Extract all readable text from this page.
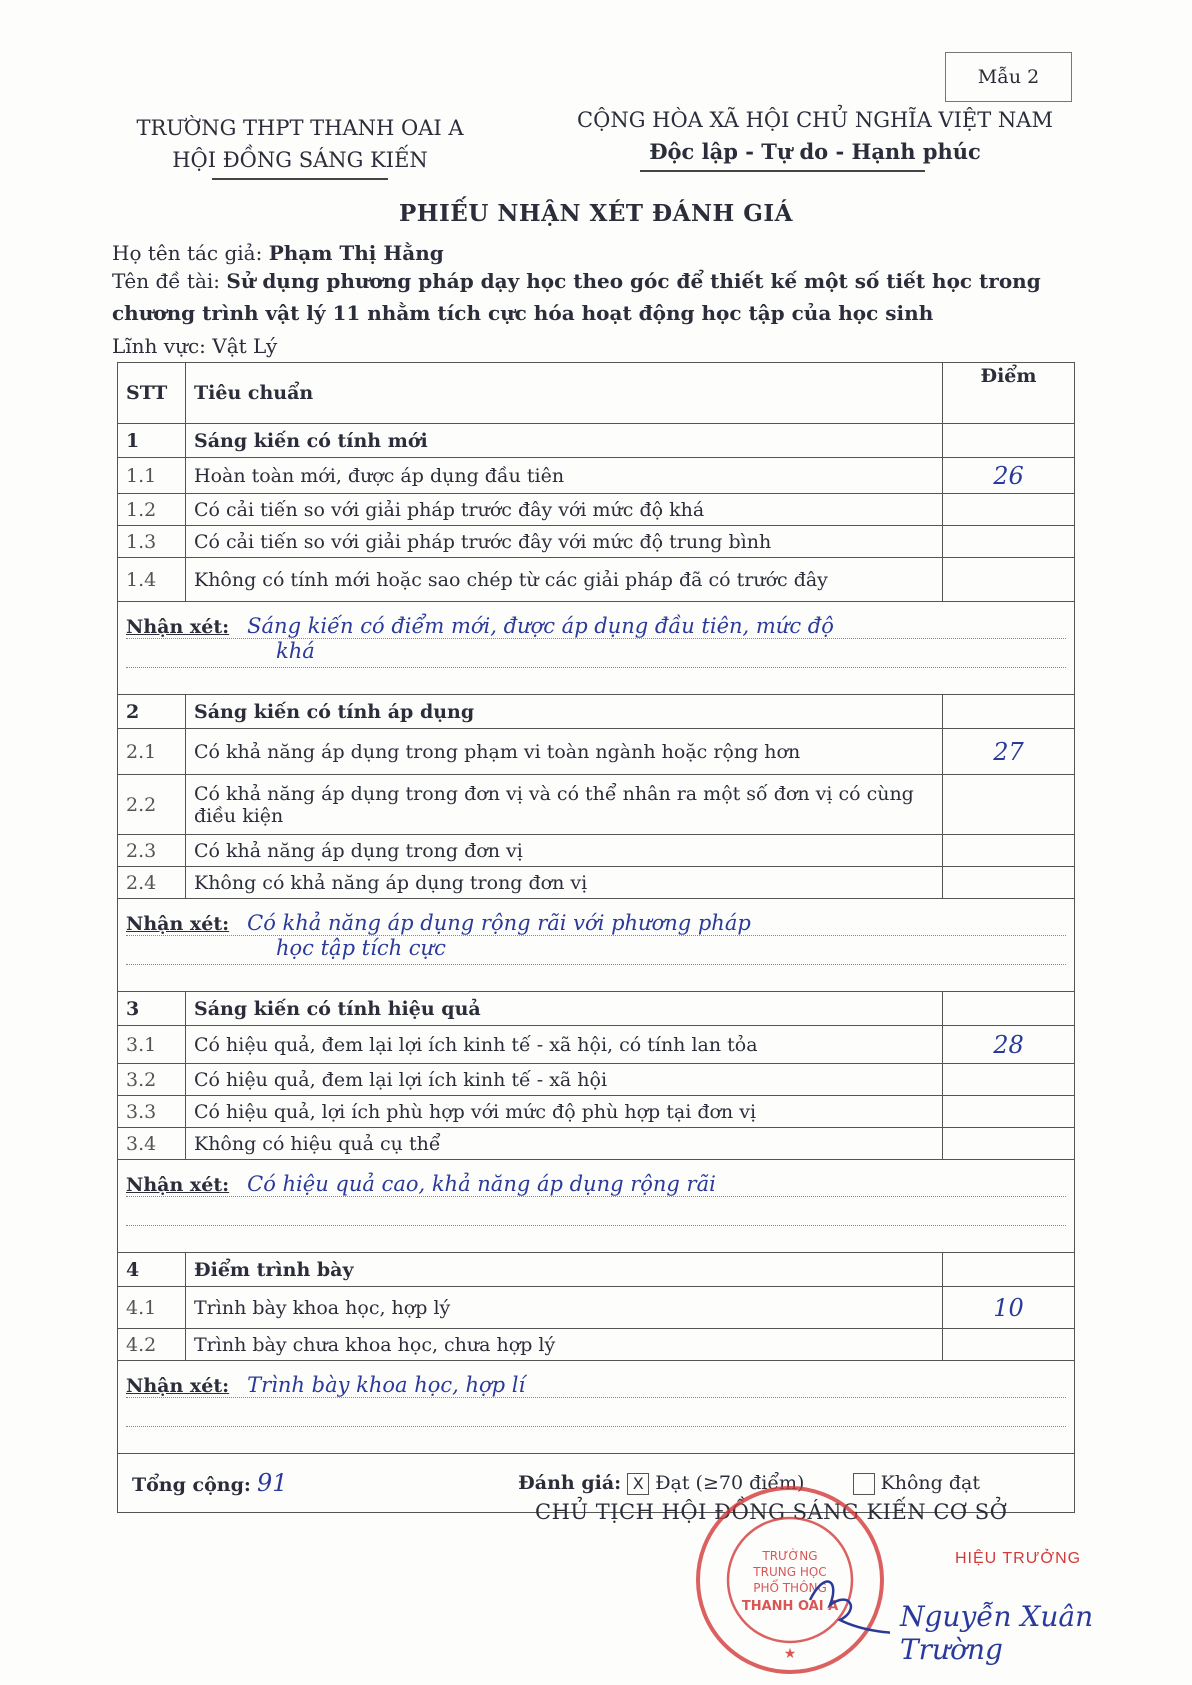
Mẫu 2
TRƯỜNG THPT THANH OAI A
HỘI ĐỒNG SÁNG KIẾN
CỘNG HÒA XÃ HỘI CHỦ NGHĨA VIỆT NAM
Độc lập - Tự do - Hạnh phúc
PHIẾU NHẬN XÉT ĐÁNH GIÁ
Họ tên tác giả: Phạm Thị Hằng
Tên đề tài: Sử dụng phương pháp dạy học theo góc để thiết kế một số tiết học trong chương trình vật lý 11 nhằm tích cực hóa hoạt động học tập của học sinh
Lĩnh vực: Vật Lý
STT	Tiêu chuẩn	Điểm
1	Sáng kiến có tính mới	
1.1	Hoàn toàn mới, được áp dụng đầu tiên	26
1.2	Có cải tiến so với giải pháp trước đây với mức độ khá	
1.3	Có cải tiến so với giải pháp trước đây với mức độ trung bình	
1.4	Không có tính mới hoặc sao chép từ các giải pháp đã có trước đây	

Nhận xét: Sáng kiến có điểm mới, được áp dụng đầu tiên, mức độ
khá		

2	Sáng kiến có tính áp dụng	
2.1	Có khả năng áp dụng trong phạm vi toàn ngành hoặc rộng hơn	27
2.2	Có khả năng áp dụng trong đơn vị và có thể nhân ra một số đơn vị có cùng điều kiện	
2.3	Có khả năng áp dụng trong đơn vị	
2.4	Không có khả năng áp dụng trong đơn vị	

Nhận xét: Có khả năng áp dụng rộng rãi với phương pháp
học tập tích cực		

3	Sáng kiến có tính hiệu quả	
3.1	Có hiệu quả, đem lại lợi ích kinh tế - xã hội, có tính lan tỏa	28
3.2	Có hiệu quả, đem lại lợi ích kinh tế - xã hội	
3.3	Có hiệu quả, lợi ích phù hợp với mức độ phù hợp tại đơn vị	
3.4	Không có hiệu quả cụ thể	

Nhận xét: Có hiệu quả cao, khả năng áp dụng rộng rãi		

4	Điểm trình bày	
4.1	Trình bày khoa học, hợp lý	10
4.2	Trình bày chưa khoa học, chưa hợp lý	

Nhận xét: Trình bày khoa học, hợp lí		

Tổng cộng: 91 Đánh giá: X Đạt (≥70 điểm) Không đạt		
CHỦ TỊCH HỘI ĐỒNG SÁNG KIẾN CƠ SỞ
TRƯỜNG
TRUNG HỌC
PHỔ THÔNG
THANH OAI A
★
HIỆU TRƯỞNG
Nguyễn Xuân Trường
